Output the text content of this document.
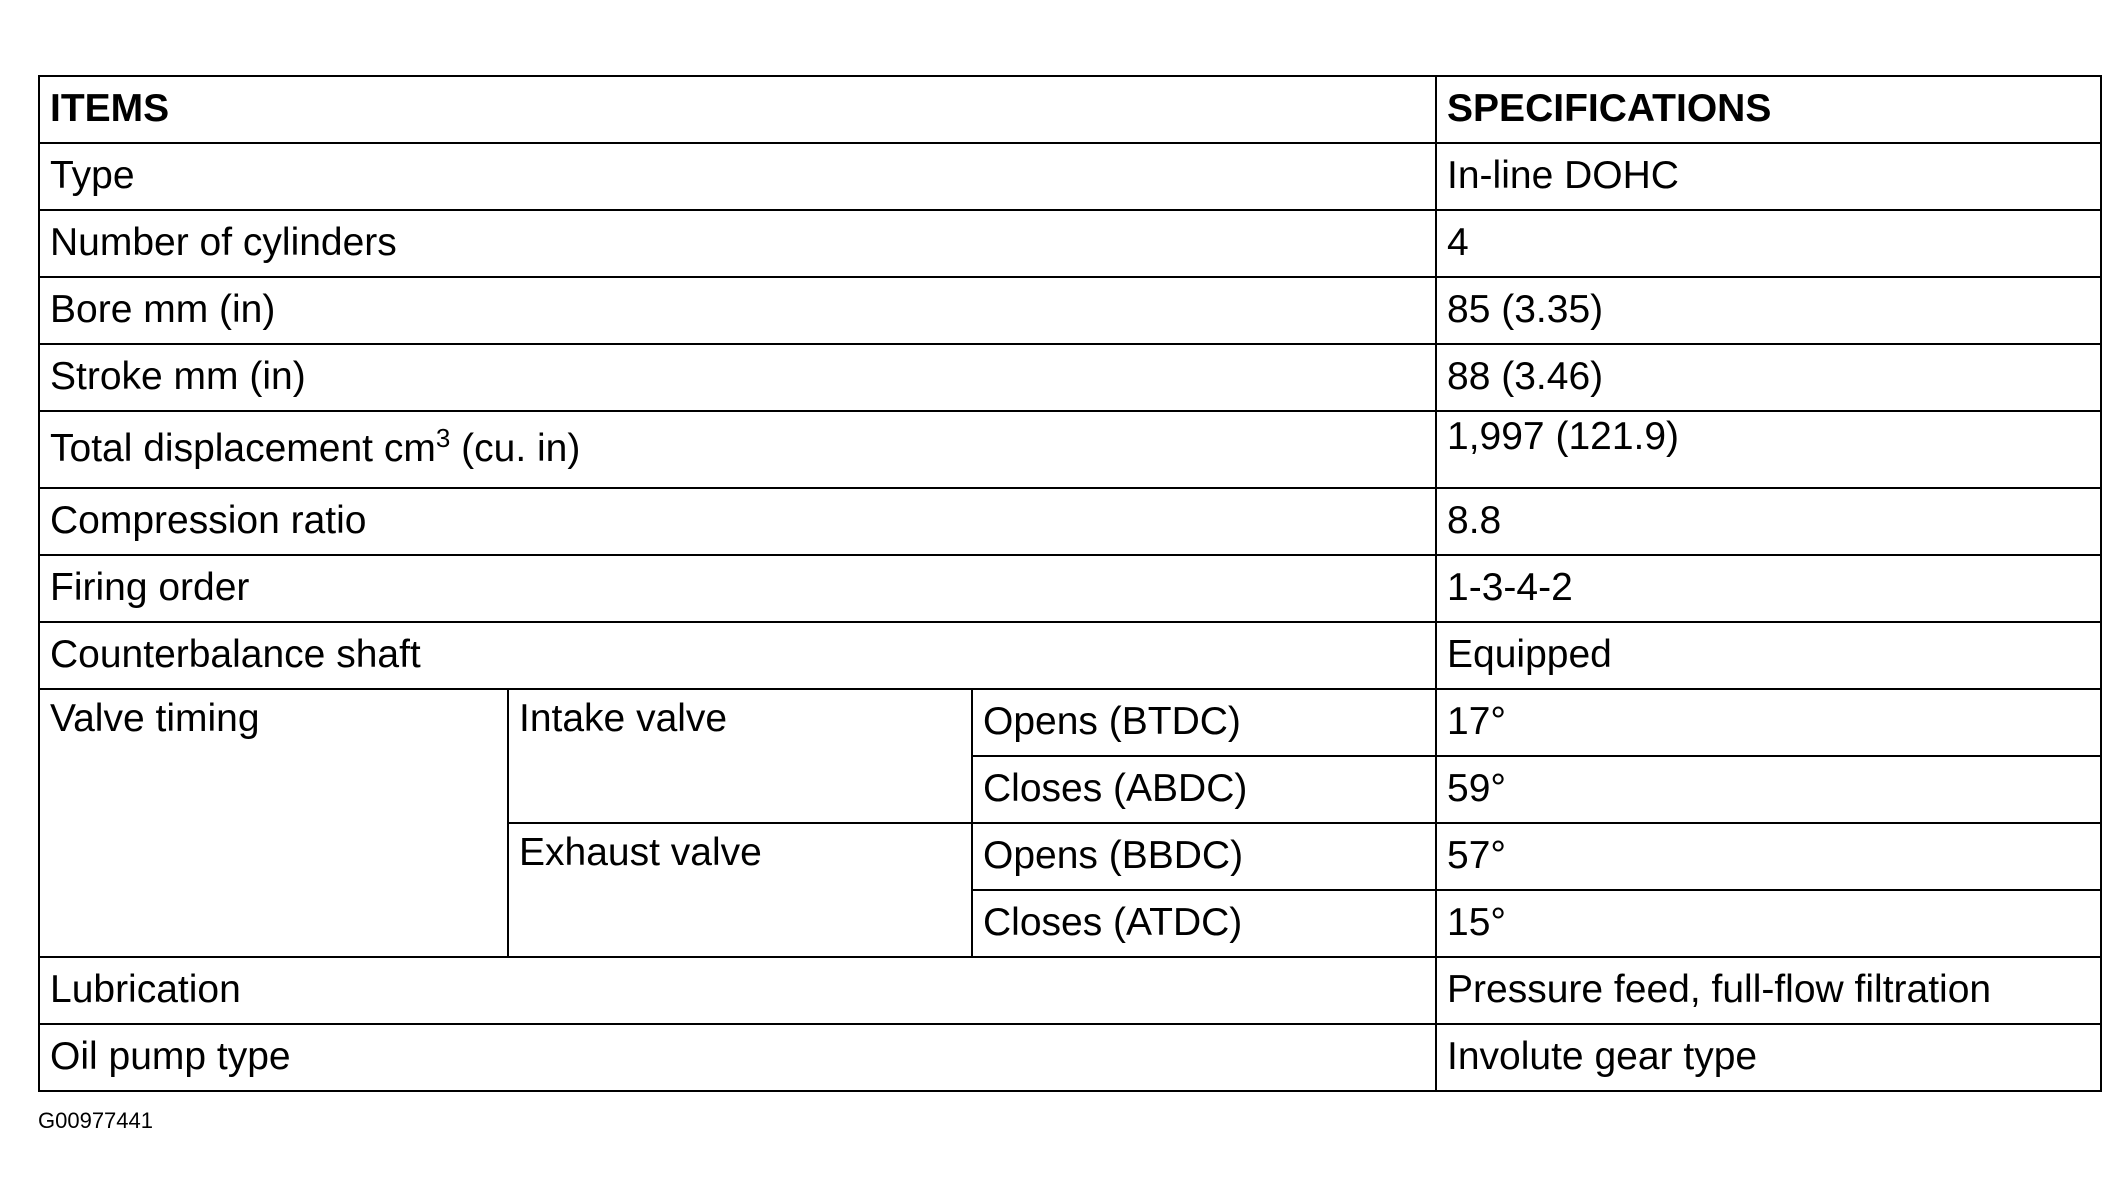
ITEMS			SPECIFICATIONS
Type			In-line DOHC
Number of cylinders			4
Bore mm (in)			85 (3.35)
Stroke mm (in)			88 (3.46)
Total displacement $cm^3$ (cu. in)			1,997 (121.9)
Compression ratio			8.8
Firing order			1-3-4-2
Counterbalance shaft			Equipped
Valve timing	Intake valve	Opens (BTDC)	17°
		Closes (ABDC)	59°
	Exhaust valve	Opens (BBDC)	57°
		Closes (ATDC)	15°
Lubrication			Pressure feed, full-flow filtration
Oil pump type			Involute gear type
G00977441
